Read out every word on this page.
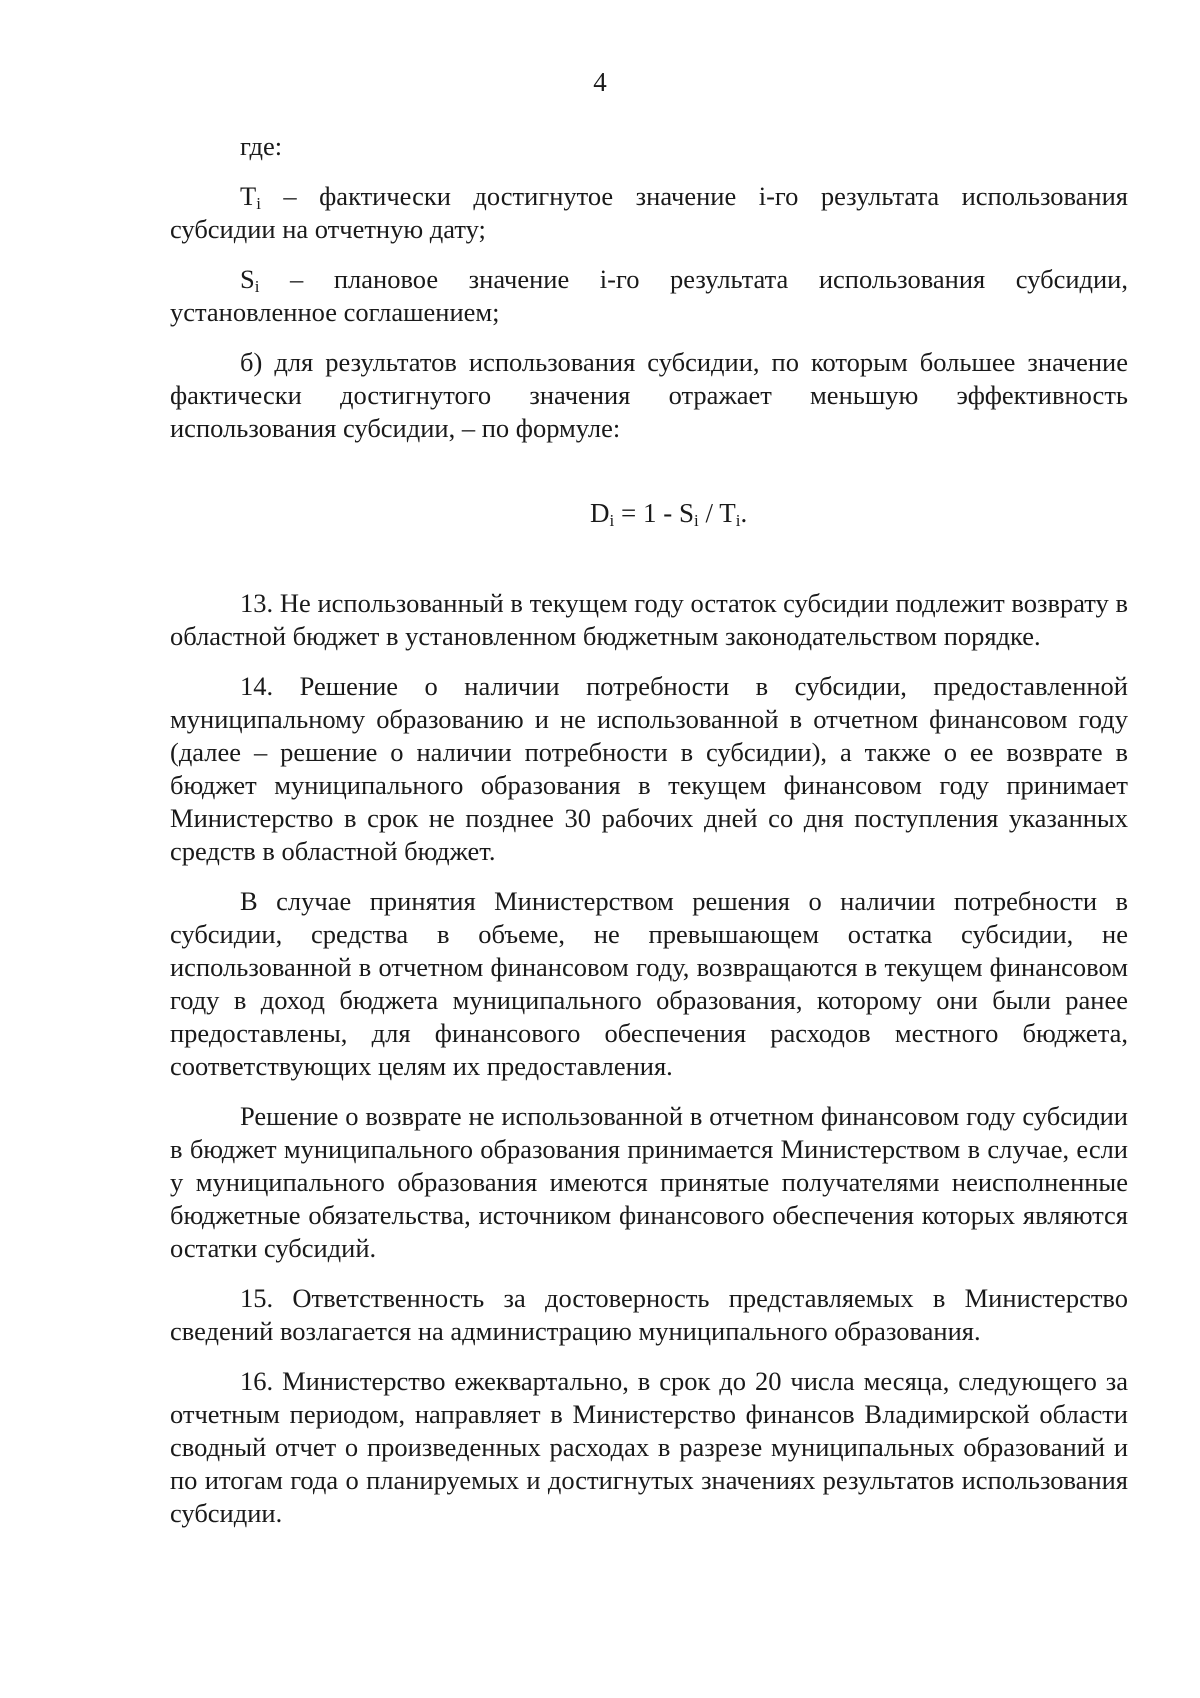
4

где:

$T_i$ – фактически достигнутое значение i-го результата использования субсидии на отчетную дату;

$S_i$ – плановое значение i-го результата использования субсидии, установленное соглашением;

б) для результатов использования субсидии, по которым большее значение фактически достигнутого значения отражает меньшую эффективность использования субсидии, – по формуле:

$D_i = 1 - S_i / T_i$.

13. Не использованный в текущем году остаток субсидии подлежит возврату в областной бюджет в установленном бюджетным законодательством порядке.

14. Решение о наличии потребности в субсидии, предоставленной муниципальному образованию и не использованной в отчетном финансовом году (далее – решение о наличии потребности в субсидии), а также о ее возврате в бюджет муниципального образования в текущем финансовом году принимает Министерство в срок не позднее 30 рабочих дней со дня поступления указанных средств в областной бюджет.

В случае принятия Министерством решения о наличии потребности в субсидии, средства в объеме, не превышающем остатка субсидии, не использованной в отчетном финансовом году, возвращаются в текущем финансовом году в доход бюджета муниципального образования, которому они были ранее предоставлены, для финансового обеспечения расходов местного бюджета, соответствующих целям их предоставления.

Решение о возврате не использованной в отчетном финансовом году субсидии в бюджет муниципального образования принимается Министерством в случае, если у муниципального образования имеются принятые получателями неисполненные бюджетные обязательства, источником финансового обеспечения которых являются остатки субсидий.

15. Ответственность за достоверность представляемых в Министерство сведений возлагается на администрацию муниципального образования.

16. Министерство ежеквартально, в срок до 20 числа месяца, следующего за отчетным периодом, направляет в Министерство финансов Владимирской области сводный отчет о произведенных расходах в разрезе муниципальных образований и по итогам года о планируемых и достигнутых значениях результатов использования субсидии.
